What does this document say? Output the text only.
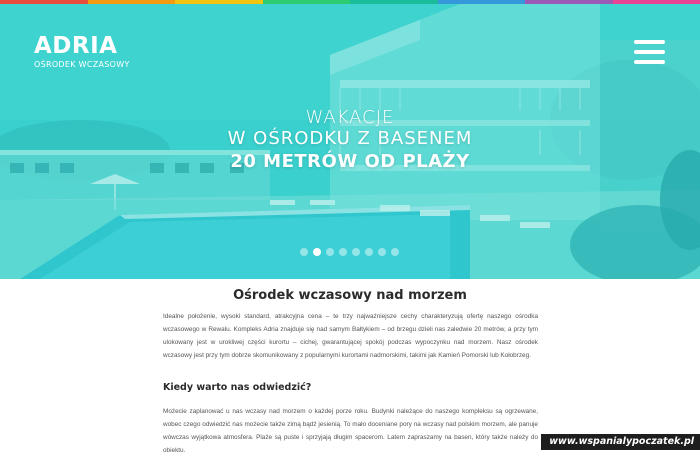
ADRIA
OŚRODEK WCZASOWY
WAKACJE
W OŚRODKU Z BASENEM
20 METRÓW OD PLAŻY
Ośrodek wczasowy nad morzem

Idealne położenie, wysoki standard, atrakcyjna cena – te trzy najważniejsze cechy charakteryzują ofertę naszego ośrodka wczasowego w Rewalu. Kompleks Adria znajduje się nad samym Bałtykiem – od brzegu dzieli nas zaledwie 20 metrów, a przy tym ulokowany jest w urokliwej części kurortu – cichej, gwarantującej spokój podczas wypoczynku nad morzem. Nasz ośrodek wczasowy jest przy tym dobrze skomunikowany z popularnymi kurortami nadmorskimi, takimi jak Kamień Pomorski lub Kołobrzeg.

Kiedy warto nas odwiedzić?

Możecie zaplanować u nas wczasy nad morzem o każdej porze roku. Budynki należące do naszego kompleksu są ogrzewane, wobec czego odwiedzić nas możecie także zimą bądź jesienią. To mało doceniane pory na wczasy nad polskim morzem, ale panuje wówczas wyjątkowa atmosfera. Plaże są puste i sprzyjają długim spacerom. Latem zapraszamy na basen, który także należy do obiektu.

www.wspanialypoczatek.pl
